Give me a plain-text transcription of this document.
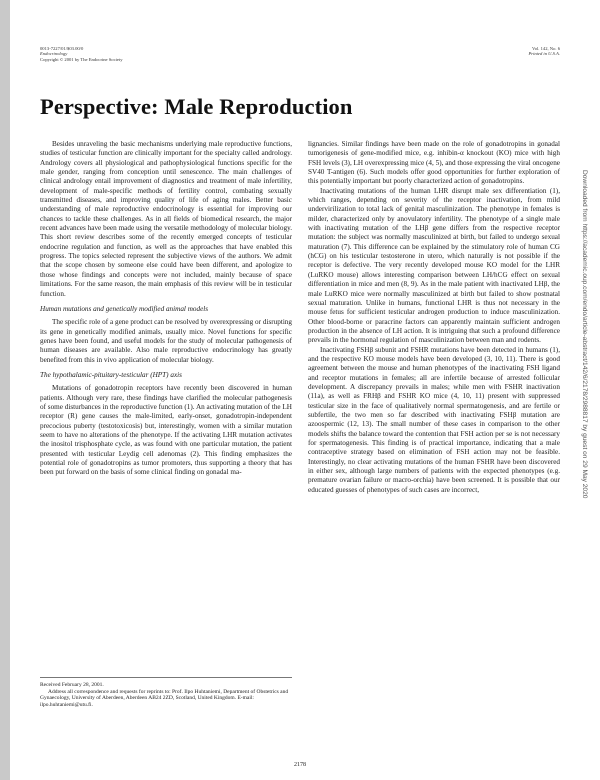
0013-7227/01/$03.00/0
Endocrinology
Copyright © 2001 by The Endocrine Society
Vol. 142, No. 6
Printed in U.S.A.
Perspective: Male Reproduction

Besides unraveling the basic mechanisms underlying male reproductive functions, studies of testicular function are clinically important for the specialty called andrology. Andrology covers all physiological and pathophysiological functions specific for the male gender, ranging from conception until senescence. The main challenges of clinical andrology entail improvement of diagnostics and treatment of male infertility, development of male-specific methods of fertility control, combating sexually transmitted diseases, and improving quality of life of aging males. Better basic understanding of male reproductive endocrinology is essential for improving our chances to tackle these challenges. As in all fields of biomedical research, the major recent advances have been made using the versatile methodology of molecular biology. This short review describes some of the recently emerged concepts of testicular endocrine regulation and function, as well as the approaches that have enabled this progress. The topics selected represent the subjective views of the authors. We admit that the scope chosen by someone else could have been different, and apologize to those whose findings and concepts were not included, mainly because of space limitations. For the same reason, the main emphasis of this review will be in testicular function.

Human mutations and genetically modified animal models

The specific role of a gene product can be resolved by overexpressing or disrupting its gene in genetically modified animals, usually mice. Novel functions for specific genes have been found, and useful models for the study of molecular pathogenesis of human diseases are available. Also male reproductive endocrinology has greatly benefited from this in vivo application of molecular biology.

The hypothalamic-pituitary-testicular (HPT) axis

Mutations of gonadotropin receptors have recently been discovered in human patients. Although very rare, these findings have clarified the molecular pathogenesis of some disturbances in the reproductive function (1). An activating mutation of the LH receptor (R) gene causes the male-limited, early-onset, gonadotropin-independent precocious puberty (testotoxicosis) but, interestingly, women with a similar mutation seem to have no alterations of the phenotype. If the activating LHR mutation activates the inositol trisphosphate cycle, as was found with one particular mutation, the patient presented with testicular Leydig cell adenomas (2). This finding emphasizes the potential role of gonadotropins as tumor promoters, thus supporting a theory that has been put forward on the basis of some clinical finding on gonadal ma-

lignancies. Similar findings have been made on the role of gonadotropins in gonadal tumorigenesis of gene-modified mice, e.g. inhibin-α knockout (KO) mice with high FSH levels (3), LH overexpressing mice (4, 5), and those expressing the viral oncogene SV40 T-antigen (6). Such models offer good opportunities for further exploration of this potentially important but poorly characterized action of gonadotropins.

Inactivating mutations of the human LHR disrupt male sex differentiation (1), which ranges, depending on severity of the receptor inactivation, from mild undervirilization to total lack of genital masculinization. The phenotype in females is milder, characterized only by anovulatory infertility. The phenotype of a single male with inactivating mutation of the LHβ gene differs from the respective receptor mutation: the subject was normally masculinized at birth, but failed to undergo sexual maturation (7). This difference can be explained by the stimulatory role of human CG (hCG) on his testicular testosterone in utero, which naturally is not possible if the receptor is defective. The very recently developed mouse KO model for the LHR (LuRKO mouse) allows interesting comparison between LH/hCG effect on sexual differentiation in mice and men (8, 9). As in the male patient with inactivated LHβ, the male LuRKO mice were normally masculinized at birth but failed to show postnatal sexual maturation. Unlike in humans, functional LHR is thus not necessary in the mouse fetus for sufficient testicular androgen production to induce masculinization. Other blood-borne or paracrine factors can apparently maintain sufficient androgen production in the absence of LH action. It is intriguing that such a profound difference prevails in the hormonal regulation of masculinization between man and rodents.

Inactivating FSHβ subunit and FSHR mutations have been detected in humans (1), and the respective KO mouse models have been developed (3, 10, 11). There is good agreement between the mouse and human phenotypes of the inactivating FSH ligand and receptor mutations in females; all are infertile because of arrested follicular development. A discrepancy prevails in males; while men with FSHR inactivation (11a), as well as FRHβ and FSHR KO mice (4, 10, 11) present with suppressed testicular size in the face of qualitatively normal spermatogenesis, and are fertile or subfertile, the two men so far described with inactivating FSHβ mutation are azoospermic (12, 13). The small number of these cases in comparison to the other models shifts the balance toward the contention that FSH action per se is not necessary for spermatogenesis. This finding is of practical importance, indicating that a male contraceptive strategy based on elimination of FSH action may not be feasible. Interestingly, no clear activating mutations of the human FSHR have been discovered in either sex, although large numbers of patients with the expected phenotypes (e.g. premature ovarian failure or macro-orchia) have been screened. It is possible that our educated guesses of phenotypes of such cases are incorrect,

Received February 28, 2001.

Address all correspondence and requests for reprints to: Prof. Ilpo Huhtaniemi, Department of Obstetrics and Gynaecology, University of Aberdeen, Aberdeen AB24 2ZD, Scotland, United Kingdom. E-mail: ilpo.huhtaniemi@utu.fi.

2178
Downloaded from https://academic.oup.com/endo/article-abstract/142/6/2178/2988817 by guest on 29 May 2020
